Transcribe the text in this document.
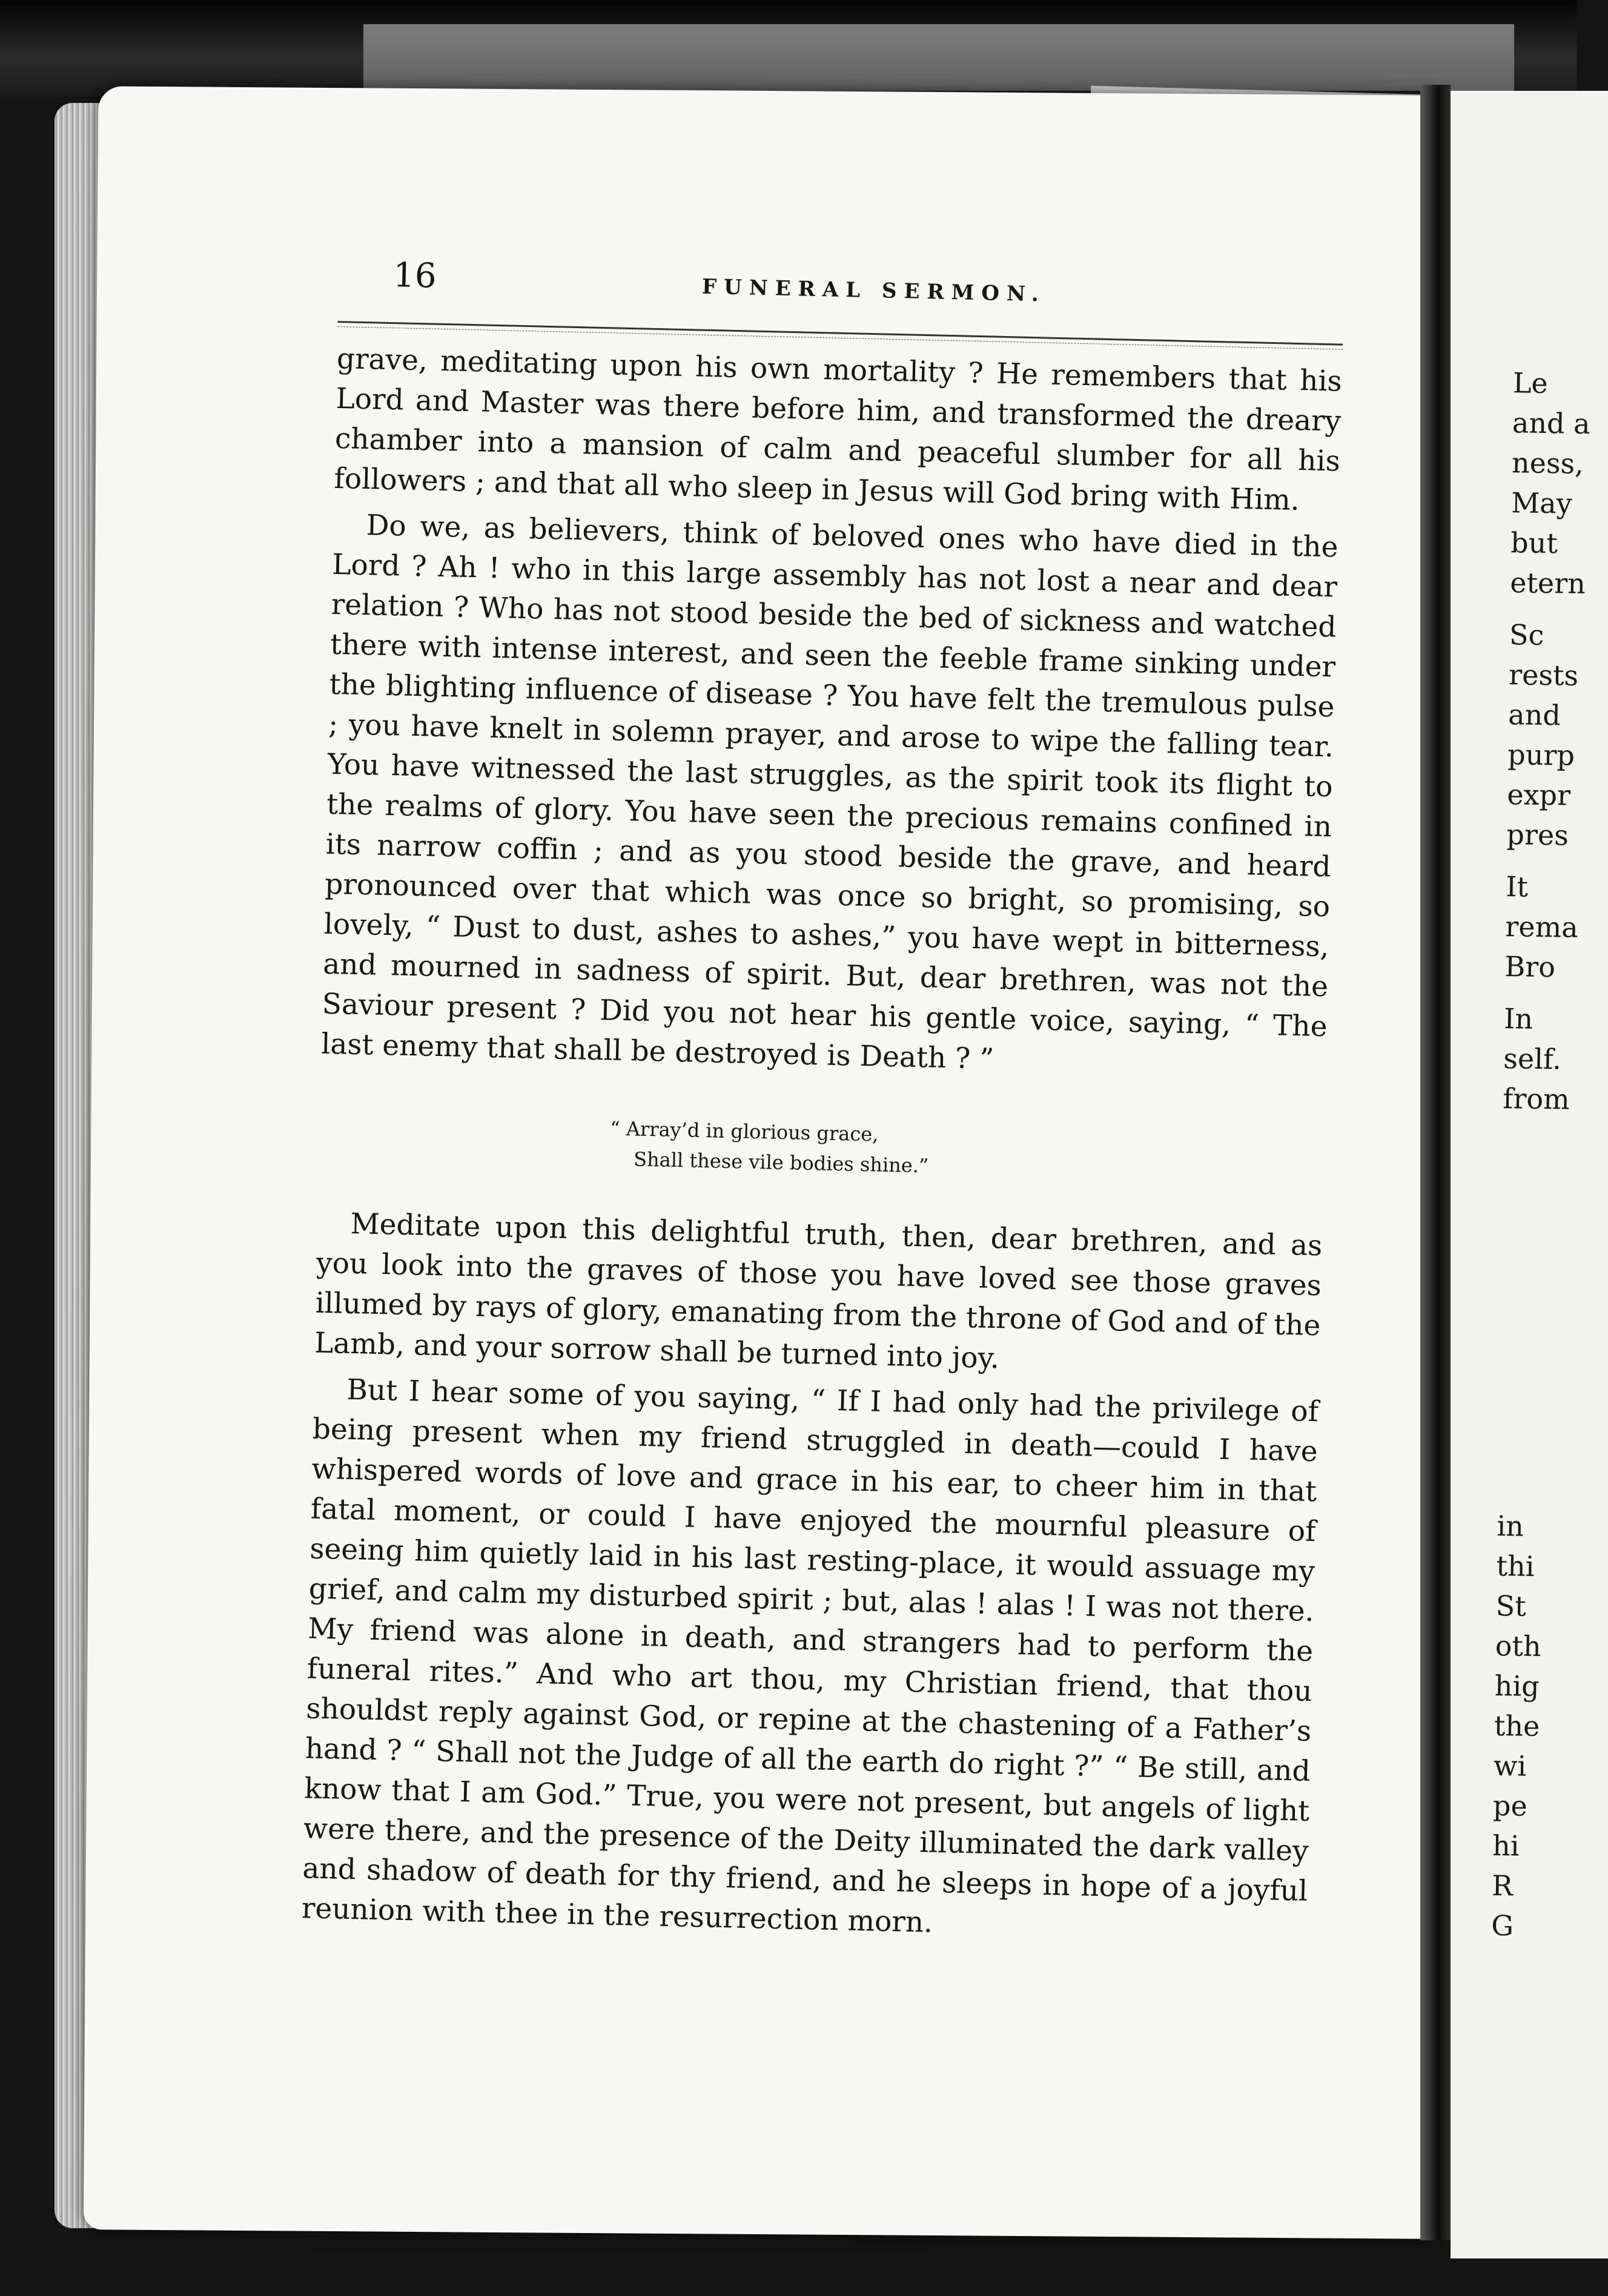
16	FUNERAL SERMON.

grave, meditating upon his own mortality ? He remembers that his Lord and Master was there before him, and transformed the dreary chamber into a mansion of calm and peaceful slumber for all his followers ; and that all who sleep in Jesus will God bring with Him.

Do we, as believers, think of beloved ones who have died in the Lord ? Ah ! who in this large assembly has not lost a near and dear relation ? Who has not stood beside the bed of sickness and watched there with intense interest, and seen the feeble frame sinking under the blighting influence of disease ? You have felt the tremulous pulse ; you have knelt in solemn prayer, and arose to wipe the falling tear. You have witnessed the last struggles, as the spirit took its flight to the realms of glory. You have seen the precious remains confined in its narrow coffin ; and as you stood beside the grave, and heard pronounced over that which was once so bright, so promising, so lovely, “ Dust to dust, ashes to ashes,” you have wept in bitterness, and mourned in sadness of spirit. But, dear brethren, was not the Saviour present ? Did you not hear his gentle voice, saying, “ The last enemy that shall be destroyed is Death ? ”

“ Array’d in glorious grace,
Shall these vile bodies shine.”

Meditate upon this delightful truth, then, dear brethren, and as you look into the graves of those you have loved see those graves illumed by rays of glory, emanating from the throne of God and of the Lamb, and your sorrow shall be turned into joy.

But I hear some of you saying, “ If I had only had the privilege of being present when my friend struggled in death—could I have whispered words of love and grace in his ear, to cheer him in that fatal moment, or could I have enjoyed the mournful pleasure of seeing him quietly laid in his last resting-place, it would assuage my grief, and calm my disturbed spirit ; but, alas ! alas ! I was not there. My friend was alone in death, and strangers had to perform the funeral rites.” And who art thou, my Christian friend, that thou shouldst reply against God, or repine at the chastening of a Father’s hand ? “ Shall not the Judge of all the earth do right ?” “ Be still, and know that I am God.” True, you were not present, but angels of light were there, and the presence of the Deity illuminated the dark valley and shadow of death for thy friend, and he sleeps in hope of a joyful reunion with thee in the resurrection morn.

Le
and a
ness,
May
but
etern
Sc
rests
and
purp
expr
pres
It
rema
Bro
In
self.
from
in
thi
St
oth
hig
the
wi
pe
hi
R
G
